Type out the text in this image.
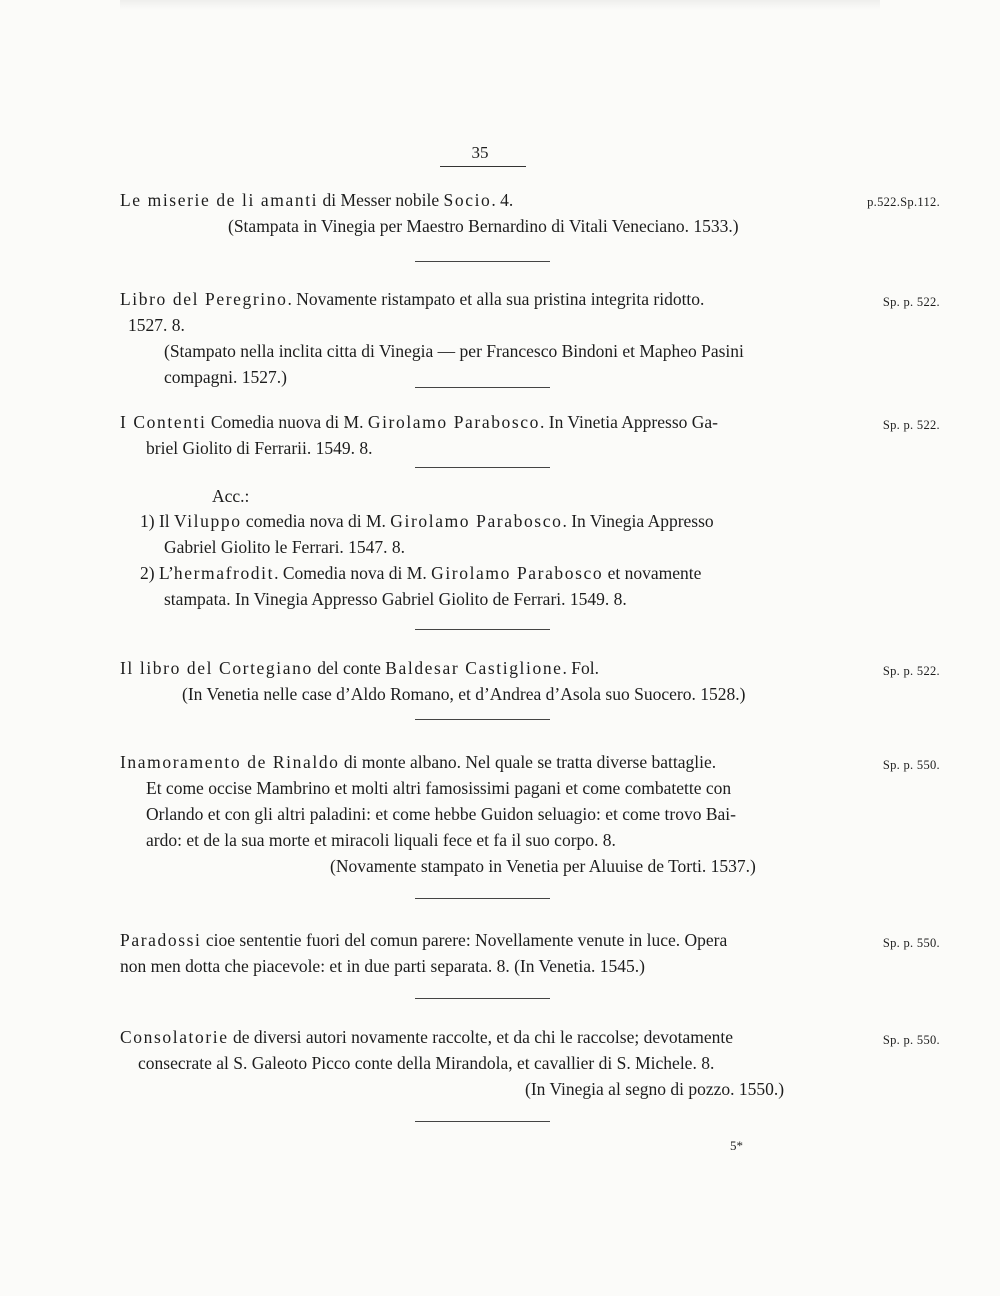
35
Le miserie de li amanti di Messer nobile Socio. 4.	p.522.Sp.112.
(Stampata in Vinegia per Maestro Bernardino di Vitali Veneciano. 1533.)
Libro del Peregrino. Novamente ristampato et alla sua pristina integrita ridotto.	Sp. p. 522.
1527. 8.
(Stampato nella inclita citta di Vinegia — per Francesco Bindoni et Mapheo Pasini
compagni. 1527.)
I Contenti Comedia nuova di M. Girolamo Parabosco. In Vinetia Appresso Ga-	Sp. p. 522.
briel Giolito di Ferrarii. 1549. 8.
Acc.:
1) Il Viluppo comedia nova di M. Girolamo Parabosco. In Vinegia Appresso
Gabriel Giolito le Ferrari. 1547. 8.
2) L’hermafrodit. Comedia nova di M. Girolamo Parabosco et novamente
stampata. In Vinegia Appresso Gabriel Giolito de Ferrari. 1549. 8.
Il libro del Cortegiano del conte Baldesar Castiglione. Fol.	Sp. p. 522.
(In Venetia nelle case d’Aldo Romano, et d’Andrea d’Asola suo Suocero. 1528.)
Inamoramento de Rinaldo di monte albano. Nel quale se tratta diverse battaglie.	Sp. p. 550.
Et come occise Mambrino et molti altri famosissimi pagani et come combatette con
Orlando et con gli altri paladini: et come hebbe Guidon seluagio: et come trovo Bai-
ardo: et de la sua morte et miracoli liquali fece et fa il suo corpo. 8.
(Novamente stampato in Venetia per Aluuise de Torti. 1537.)
Paradossi cioe sententie fuori del comun parere: Novellamente venute in luce. Opera	Sp. p. 550.
non men dotta che piacevole: et in due parti separata. 8. (In Venetia. 1545.)
Consolatorie de diversi autori novamente raccolte, et da chi le raccolse; devotamente	Sp. p. 550.
consecrate al S. Galeoto Picco conte della Mirandola, et cavallier di S. Michele. 8.
(In Vinegia al segno di pozzo. 1550.)
5*
